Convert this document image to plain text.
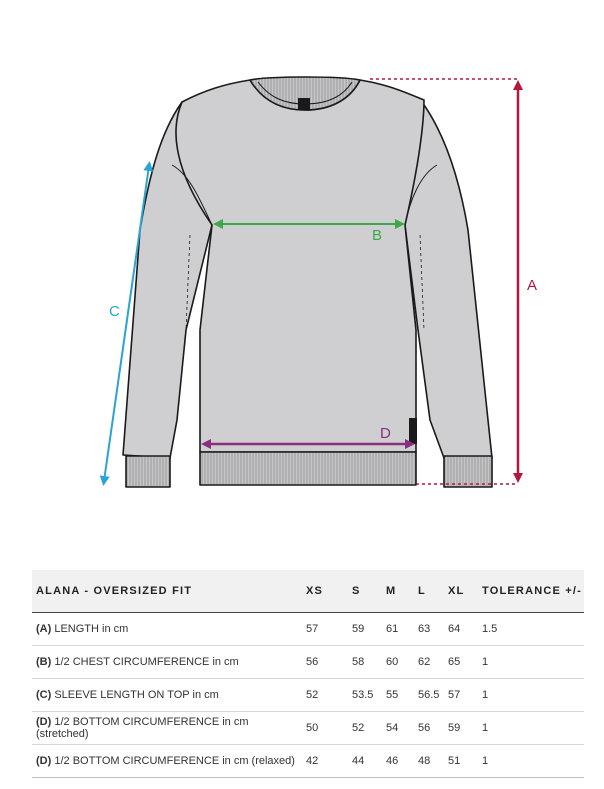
A
B
C
D
ALANA - OVERSIZED FIT	XS	S	M	L	XL	TOLERANCE +/-
(A) LENGTH in cm	57	59	61	63	64	1.5
(B) 1/2 CHEST CIRCUMFERENCE in cm	56	58	60	62	65	1
(C) SLEEVE LENGTH ON TOP in cm	52	53.5	55	56.5	57	1
(D) 1/2 BOTTOM CIRCUMFERENCE in cm (stretched)	50	52	54	56	59	1
(D) 1/2 BOTTOM CIRCUMFERENCE in cm (relaxed)	42	44	46	48	51	1
